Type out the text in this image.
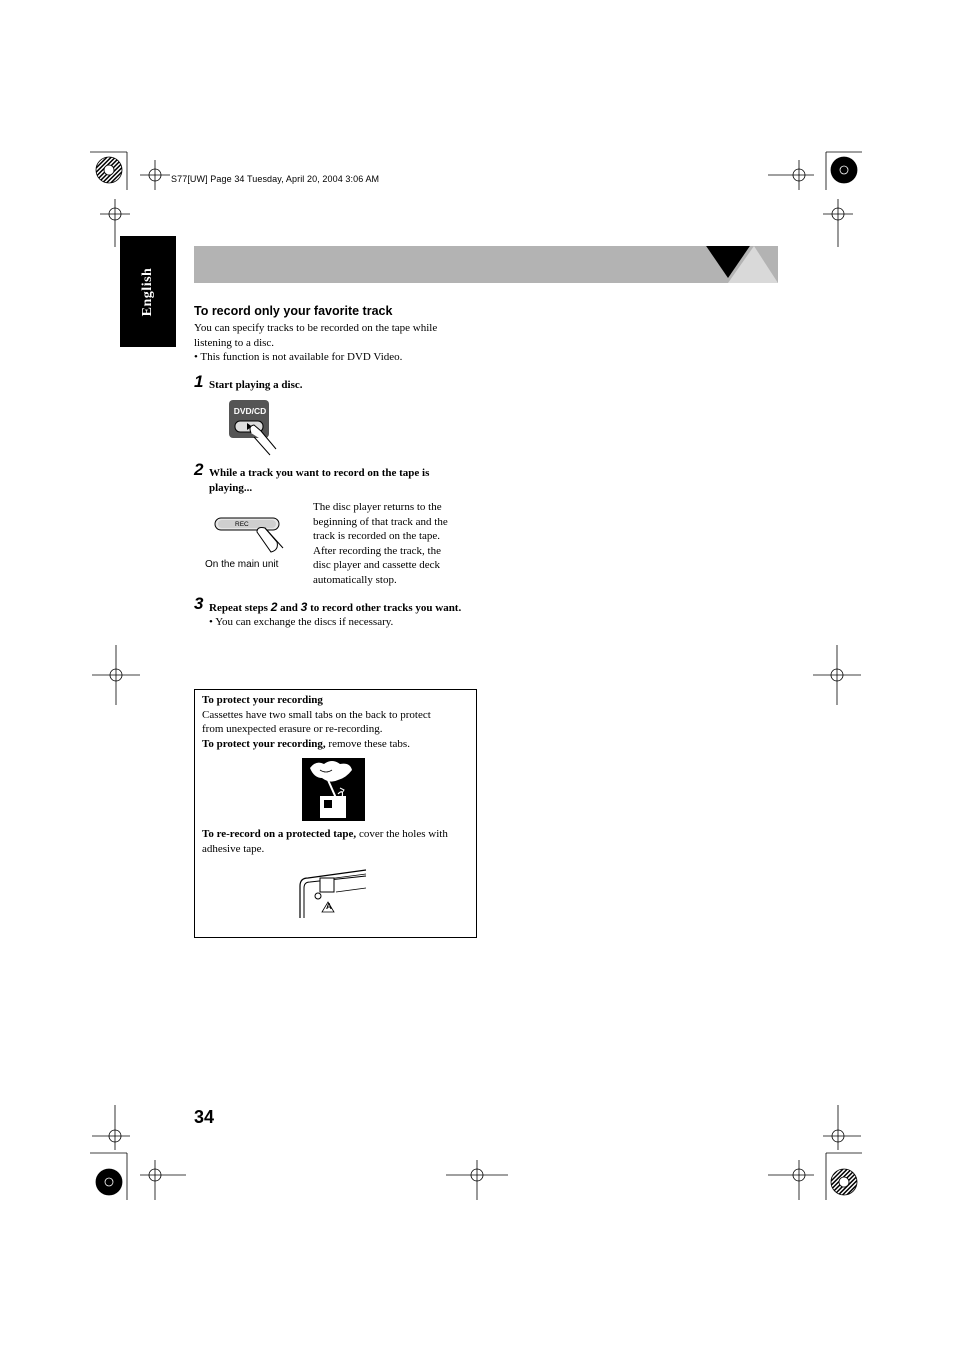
S77[UW] Page 34 Tuesday, April 20, 2004 3:06 AM
English	To record only your favorite track
You can specify tracks to be recorded on the tape while
listening to a disc.
• This function is not available for DVD Video.
1 Start playing a disc.
DVD/CD
2 While a track you want to record on the tape is
playing...
REC
On the main unit
The disc player returns to the
beginning of that track and the
track is recorded on the tape.
After recording the track, the
disc player and cassette deck
automatically stop.
3 Repeat steps 2 and 3 to record other tracks you want.
• You can exchange the discs if necessary.
To protect your recording
Cassettes have two small tabs on the back to protect
from unexpected erasure or re-recording.
To protect your recording, remove these tabs.
To re-record on a protected tape, cover the holes with
adhesive tape.
A
34
